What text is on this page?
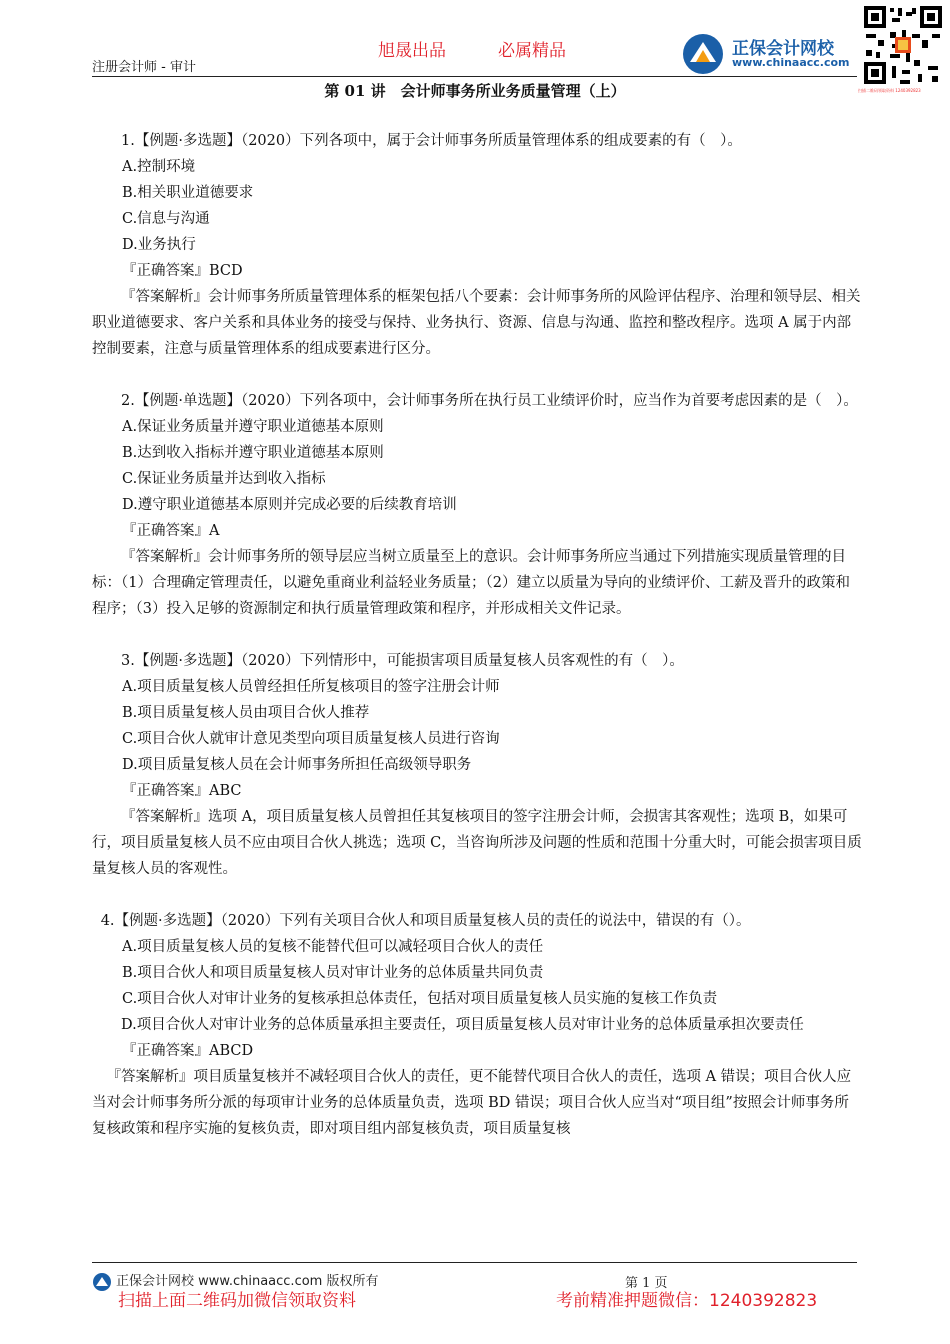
旭晟出品	必属精品
注册会计师 - 审计
正保会计网校
www.chinaacc.com
扫描二维码领取资料 1240392823
第 01 讲　会计师事务所业务质量管理（上）

1.【例题·多选题】（2020）下列各项中，属于会计师事务所质量管理体系的组成要素的有（　）。

A.控制环境

B.相关职业道德要求

C.信息与沟通

D.业务执行

『正确答案』BCD

『答案解析』会计师事务所质量管理体系的框架包括八个要素：会计师事务所的风险评估程序、治理和领导层、相关职业道德要求、客户关系和具体业务的接受与保持、业务执行、资源、信息与沟通、监控和整改程序。选项 A 属于内部控制要素，注意与质量管理体系的组成要素进行区分。

2.【例题·单选题】（2020）下列各项中，会计师事务所在执行员工业绩评价时，应当作为首要考虑因素的是（　）。

A.保证业务质量并遵守职业道德基本原则

B.达到收入指标并遵守职业道德基本原则

C.保证业务质量并达到收入指标

D.遵守职业道德基本原则并完成必要的后续教育培训

『正确答案』A

『答案解析』会计师事务所的领导层应当树立质量至上的意识。会计师事务所应当通过下列措施实现质量管理的目标：（1）合理确定管理责任，以避免重商业利益轻业务质量；（2）建立以质量为导向的业绩评价、工薪及晋升的政策和程序；（3）投入足够的资源制定和执行质量管理政策和程序，并形成相关文件记录。

3.【例题·多选题】（2020）下列情形中，可能损害项目质量复核人员客观性的有（　）。

A.项目质量复核人员曾经担任所复核项目的签字注册会计师

B.项目质量复核人员由项目合伙人推荐

C.项目合伙人就审计意见类型向项目质量复核人员进行咨询

D.项目质量复核人员在会计师事务所担任高级领导职务

『正确答案』ABC

『答案解析』选项 A，项目质量复核人员曾担任其复核项目的签字注册会计师，会损害其客观性；选项 B，如果可行，项目质量复核人员不应由项目合伙人挑选；选项 C，当咨询所涉及问题的性质和范围十分重大时，可能会损害项目质量复核人员的客观性。

4.【例题·多选题】（2020）下列有关项目合伙人和项目质量复核人员的责任的说法中，错误的有（）。

A.项目质量复核人员的复核不能替代但可以减轻项目合伙人的责任

B.项目合伙人和项目质量复核人员对审计业务的总体质量共同负责

C.项目合伙人对审计业务的复核承担总体责任，包括对项目质量复核人员实施的复核工作负责

D.项目合伙人对审计业务的总体质量承担主要责任，项目质量复核人员对审计业务的总体质量承担次要责任

『正确答案』ABCD

『答案解析』项目质量复核并不减轻项目合伙人的责任，更不能替代项目合伙人的责任，选项 A 错误；项目合伙人应当对会计师事务所分派的每项审计业务的总体质量负责，选项 BD 错误；项目合伙人应当对“项目组”按照会计师事务所复核政策和程序实施的复核负责，即对项目组内部复核负责，项目质量复核

正保会计网校 www.chinaacc.com 版权所有	第 1 页
扫描上面二维码加微信领取资料	考前精准押题微信：1240392823
